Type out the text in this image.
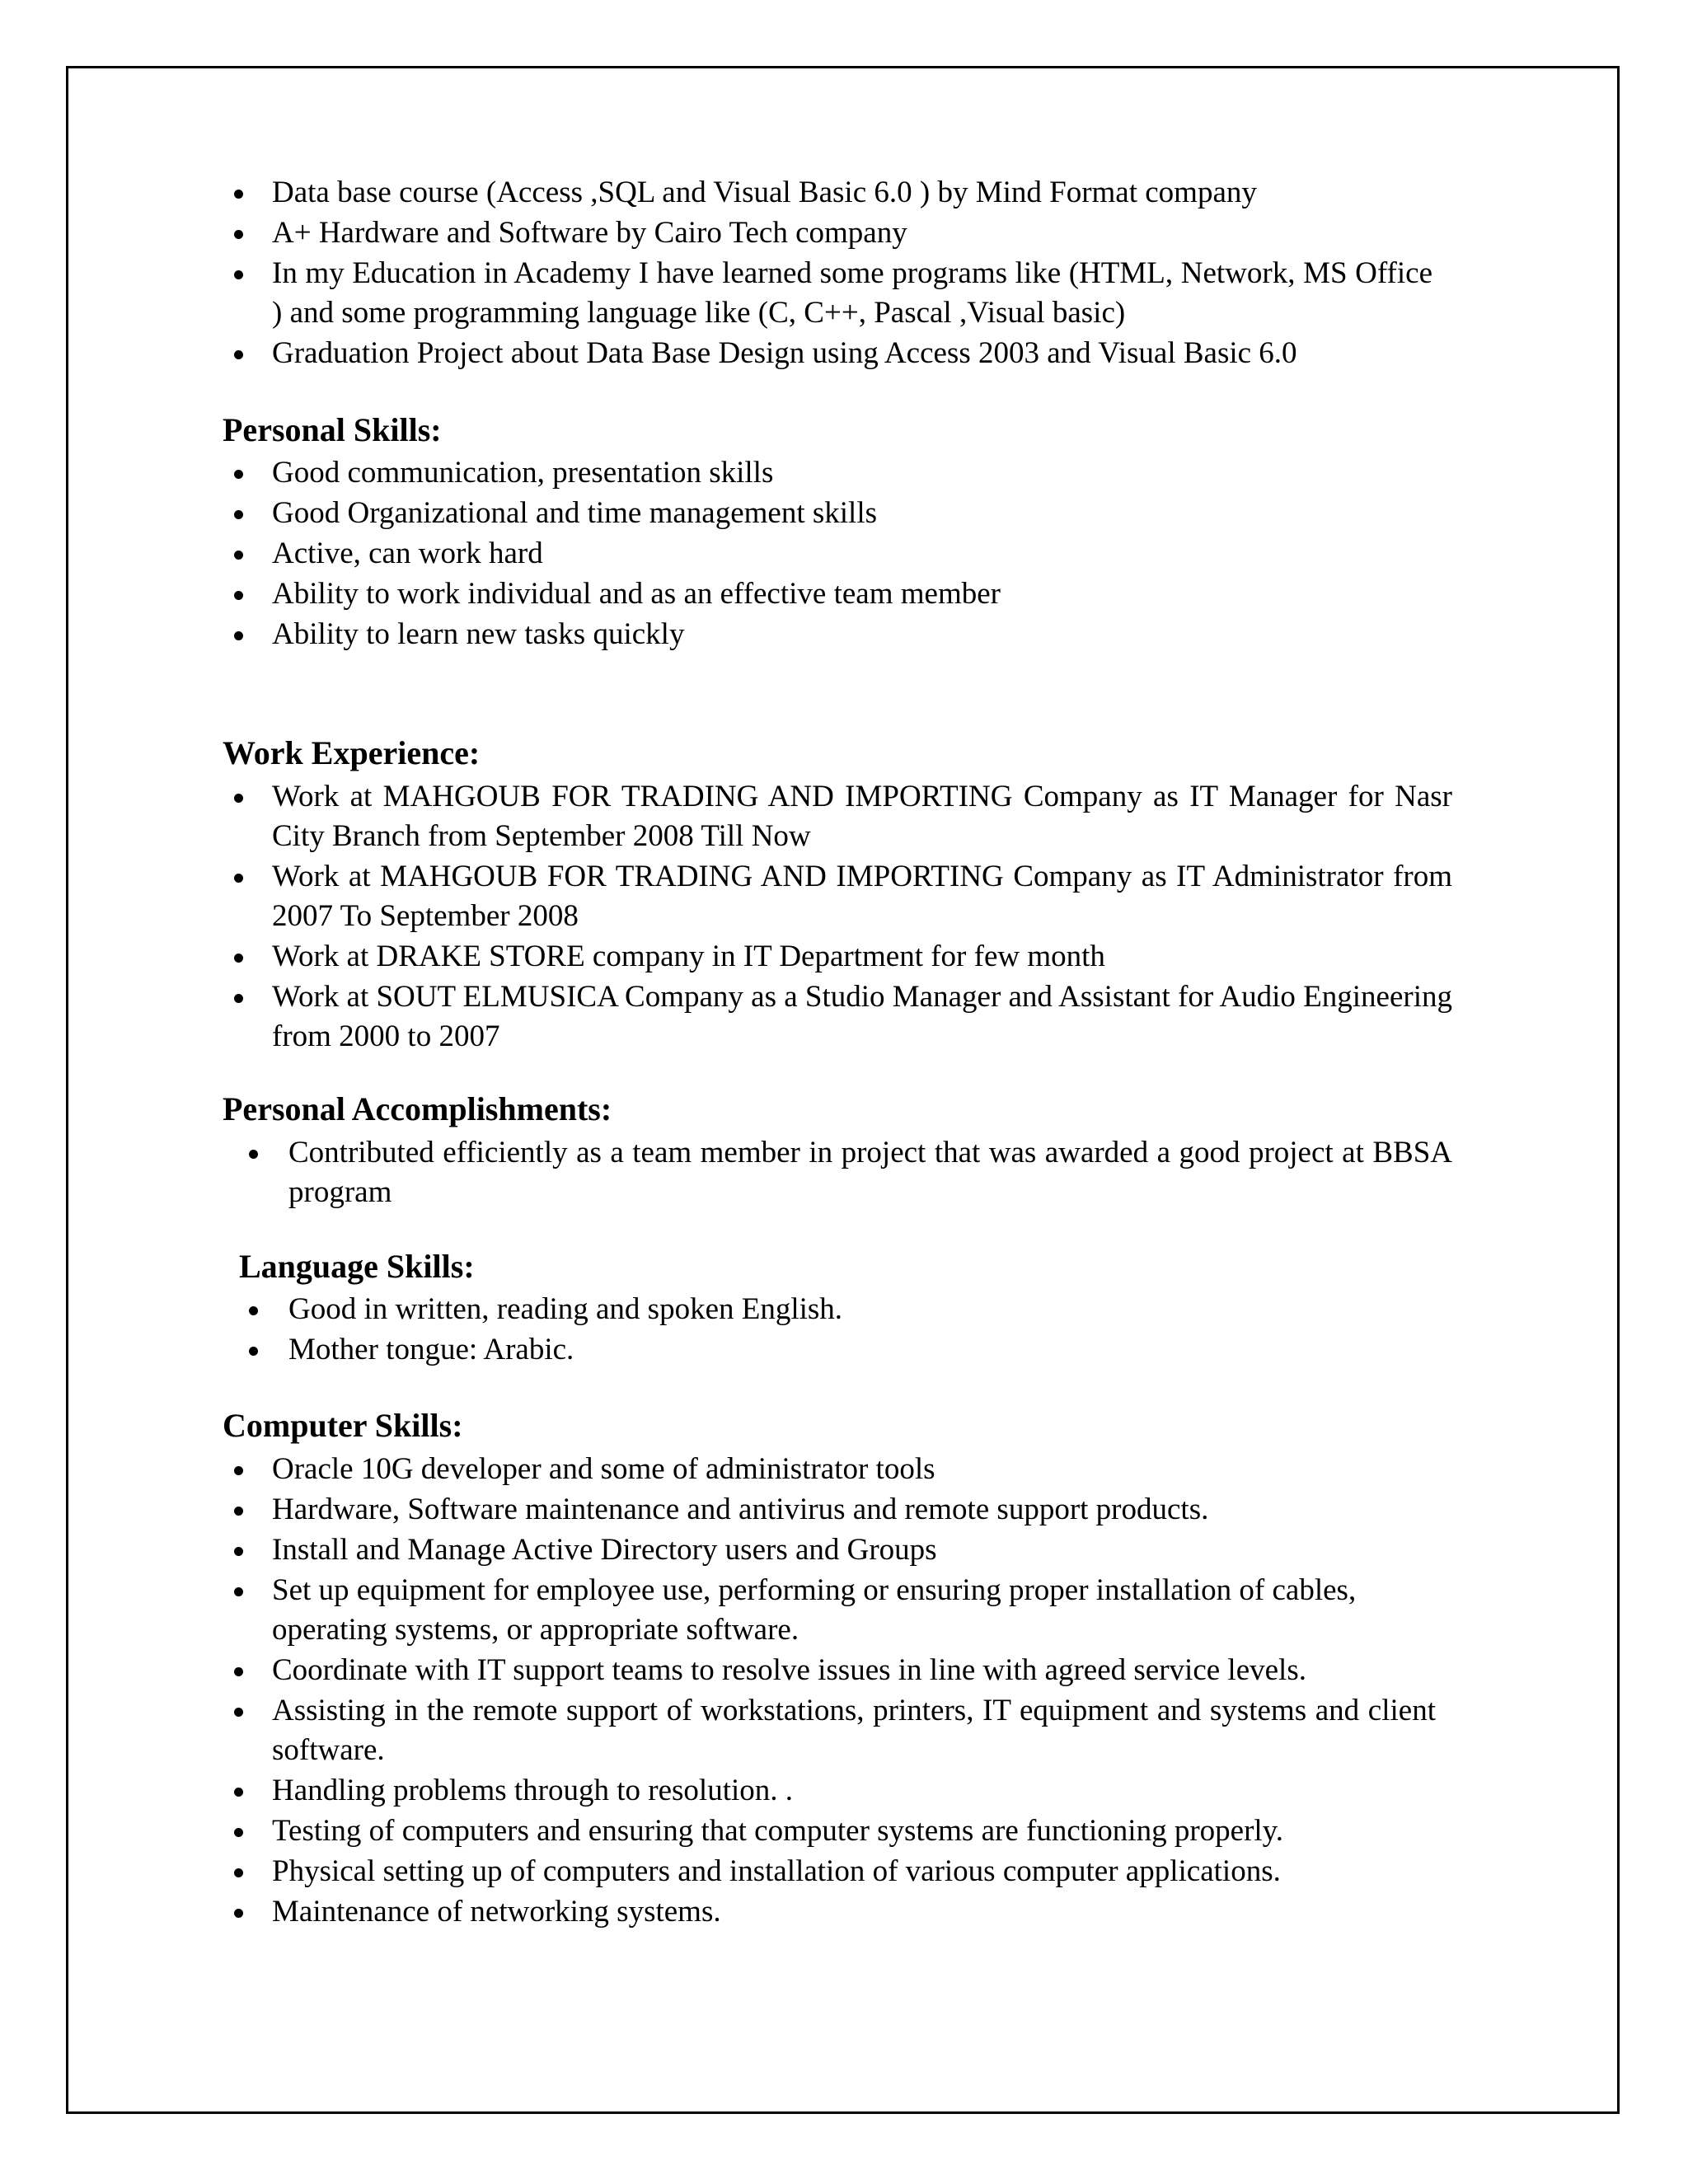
Data base course (Access ,SQL and Visual Basic 6.0 ) by Mind Format company
A+ Hardware and Software by Cairo Tech company
In my Education in Academy I have learned some programs like (HTML, Network, MS Office ) and some programming language like (C, C++, Pascal ,Visual basic)
Graduation Project about Data Base Design using Access 2003 and Visual Basic 6.0
Personal Skills:
Good communication, presentation skills
Good Organizational and time management skills
Active, can work hard
Ability to work individual and as an effective team member
Ability to learn new tasks quickly
Work Experience:
Work at MAHGOUB FOR TRADING AND IMPORTING Company as IT Manager for Nasr City Branch from September 2008 Till Now
Work at MAHGOUB FOR TRADING AND IMPORTING Company as IT Administrator from 2007 To September 2008
Work at DRAKE STORE company in IT Department for few month
Work at SOUT ELMUSICA Company as a Studio Manager and Assistant for Audio Engineering from 2000 to 2007
Personal Accomplishments:
Contributed efficiently as a team member in project that was awarded a good project at BBSA program
Language Skills:
Good in written, reading and spoken English.
Mother tongue: Arabic.
Computer Skills:
Oracle 10G developer and some of administrator tools
Hardware, Software maintenance and antivirus and remote support products.
Install and Manage Active Directory users and Groups
Set up equipment for employee use, performing or ensuring proper installation of cables, operating systems, or appropriate software.
Coordinate with IT support teams to resolve issues in line with agreed service levels.
Assisting in the remote support of workstations, printers, IT equipment and systems and client software.
Handling problems through to resolution. .
Testing of computers and ensuring that computer systems are functioning properly.
Physical setting up of computers and installation of various computer applications.
Maintenance of networking systems.
